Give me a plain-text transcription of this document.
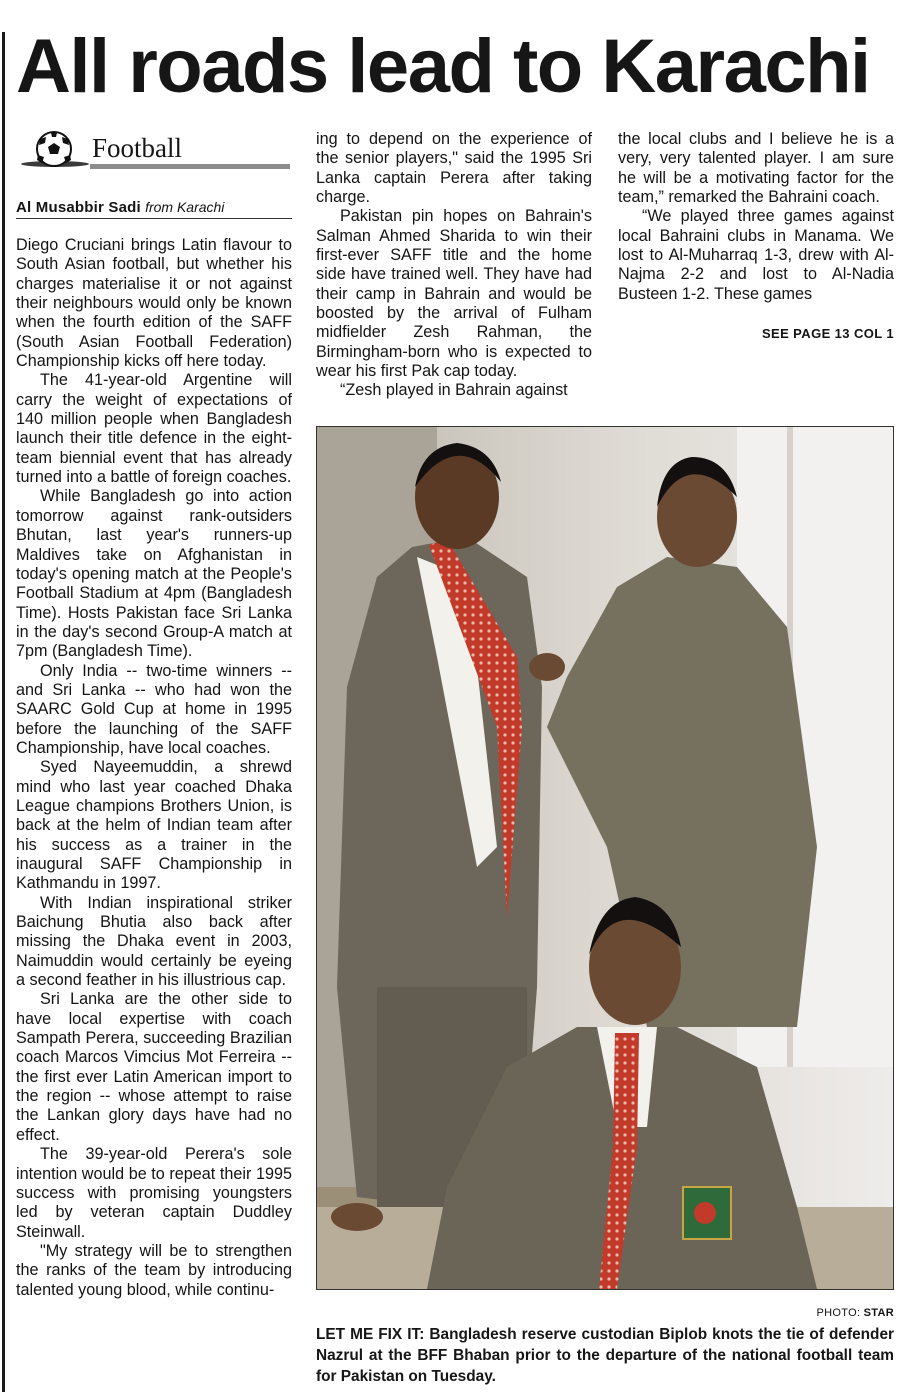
All roads lead to Karachi
Football
Al Musabbir Sadi from Karachi

Diego Cruciani brings Latin flavour to South Asian football, but whether his charges materialise it or not against their neighbours would only be known when the fourth edition of the SAFF (South Asian Football Federation) Championship kicks off here today.

The 41-year-old Argentine will carry the weight of expectations of 140 million people when Bangladesh launch their title defence in the eight-team biennial event that has already turned into a battle of foreign coaches.

While Bangladesh go into action tomorrow against rank-outsiders Bhutan, last year's runners-up Maldives take on Afghanistan in today's opening match at the People's Football Stadium at 4pm (Bangladesh Time). Hosts Pakistan face Sri Lanka in the day's second Group-A match at 7pm (Bangladesh Time).

Only India -- two-time winners -- and Sri Lanka -- who had won the SAARC Gold Cup at home in 1995 before the launching of the SAFF Championship, have local coaches.

Syed Nayeemuddin, a shrewd mind who last year coached Dhaka League champions Brothers Union, is back at the helm of Indian team after his success as a trainer in the inaugural SAFF Championship in Kathmandu in 1997.

With Indian inspirational striker Baichung Bhutia also back after missing the Dhaka event in 2003, Naimuddin would certainly be eyeing a second feather in his illustrious cap.

Sri Lanka are the other side to have local expertise with coach Sampath Perera, succeeding Brazilian coach Marcos Vimcius Mot Ferreira -- the first ever Latin American import to the region -- whose attempt to raise the Lankan glory days have had no effect.

The 39-year-old Perera's sole intention would be to repeat their 1995 success with promising youngsters led by veteran captain Duddley Steinwall.

"My strategy will be to strengthen the ranks of the team by introducing talented young blood, while continu-

ing to depend on the experience of the senior players," said the 1995 Sri Lanka captain Perera after taking charge.

Pakistan pin hopes on Bahrain's Salman Ahmed Sharida to win their first-ever SAFF title and the home side have trained well. They have had their camp in Bahrain and would be boosted by the arrival of Fulham midfielder Zesh Rahman, the Birmingham-born who is expected to wear his first Pak cap today.

“Zesh played in Bahrain against

the local clubs and I believe he is a very, very talented player. I am sure he will be a motivating factor for the team,” remarked the Bahraini coach.

“We played three games against local Bahraini clubs in Manama. We lost to Al-Muharraq 1-3, drew with Al-Najma 2-2 and lost to Al-Nadia Busteen 1-2. These games

SEE PAGE 13 COL 1
PHOTO: STAR

LET ME FIX IT: Bangladesh reserve custodian Biplob knots the tie of defender Nazrul at the BFF Bhaban prior to the departure of the national football team for Pakistan on Tuesday.
